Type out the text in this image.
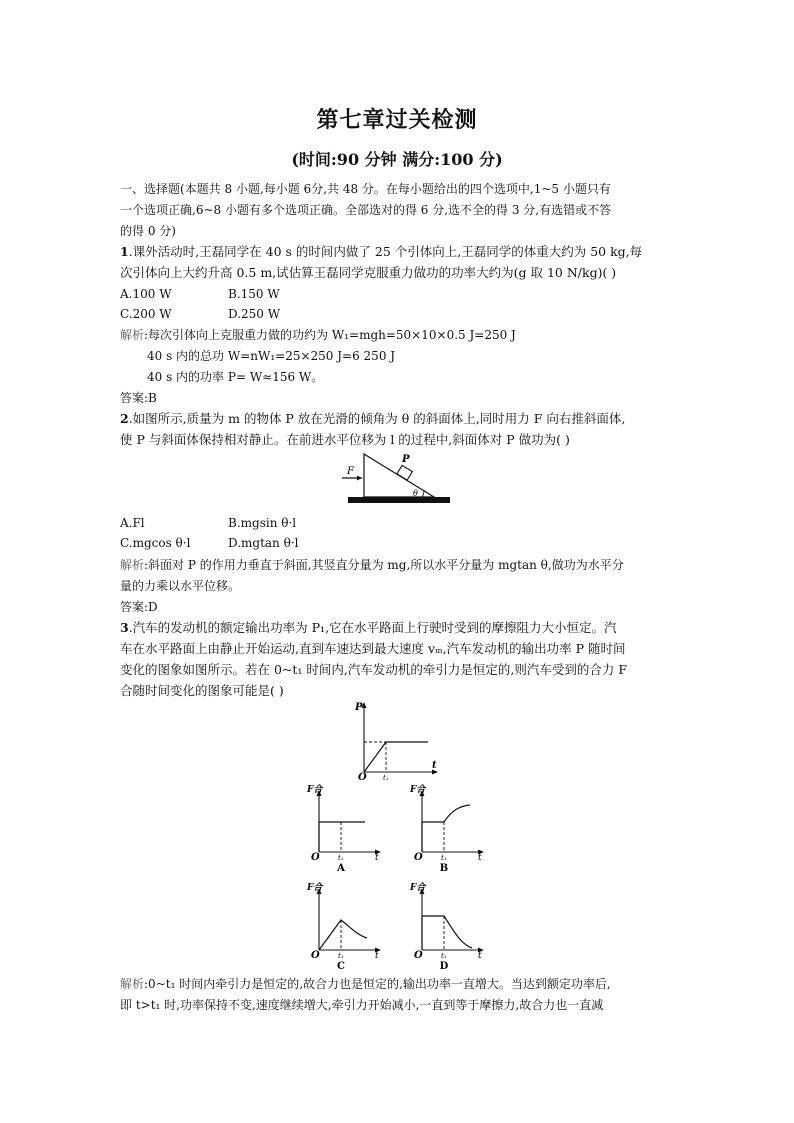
第七章过关检测
(时间:90 分钟 满分:100 分)
一、选择题(本题共 8 小题,每小题 6分,共 48 分。在每小题给出的四个选项中,1~5 小题只有
一个选项正确,6~8 小题有多个选项正确。全部选对的得 6 分,选不全的得 3 分,有选错或不答
的得 0 分)
1.课外活动时,王磊同学在 40 s 的时间内做了 25 个引体向上,王磊同学的体重大约为 50 kg,每
次引体向上大约升高 0.5 m,试估算王磊同学克服重力做功的功率大约为(g 取 10 N/kg)( )
A.100 W	B.150 W
C.200 W	D.250 W
解析:每次引体向上克服重力做的功约为 W₁=mgh=50×10×0.5 J=250 J
40 s 内的总功 W=nW₁=25×250 J=6 250 J
40 s 内的功率 P= W≈156 W。
答案:B
2.如图所示,质量为 m 的物体 P 放在光滑的倾角为 θ 的斜面体上,同时用力 F 向右推斜面体,
使 P 与斜面体保持相对静止。在前进水平位移为 l 的过程中,斜面体对 P 做功为( )
F
P
θ
A.Fl	B.mgsin θ·l
C.mgcos θ·l	D.mgtan θ·l
解析:斜面对 P 的作用力垂直于斜面,其竖直分量为 mg,所以水平分量为 mgtan θ,做功为水平分
量的力乘以水平位移。
答案:D
3.汽车的发动机的额定输出功率为 P₁,它在水平路面上行驶时受到的摩擦阻力大小恒定。汽
车在水平路面上由静止开始运动,直到车速达到最大速度 vₘ,汽车发动机的输出功率 P 随时间
变化的图象如图所示。若在 0~t₁ 时间内,汽车发动机的牵引力是恒定的,则汽车受到的合力 F
合随时间变化的图象可能是( )
P
t
O t₁
F合
t
O	t₁
A
F合
t
O	t₁
B
F合
t
O	t₁
C
F合
t
O	t₁
D
解析:0~t₁ 时间内牵引力是恒定的,故合力也是恒定的,输出功率一直增大。当达到额定功率后,
即 t>t₁ 时,功率保持不变,速度继续增大,牵引力开始减小,一直到等于摩擦力,故合力也一直减
